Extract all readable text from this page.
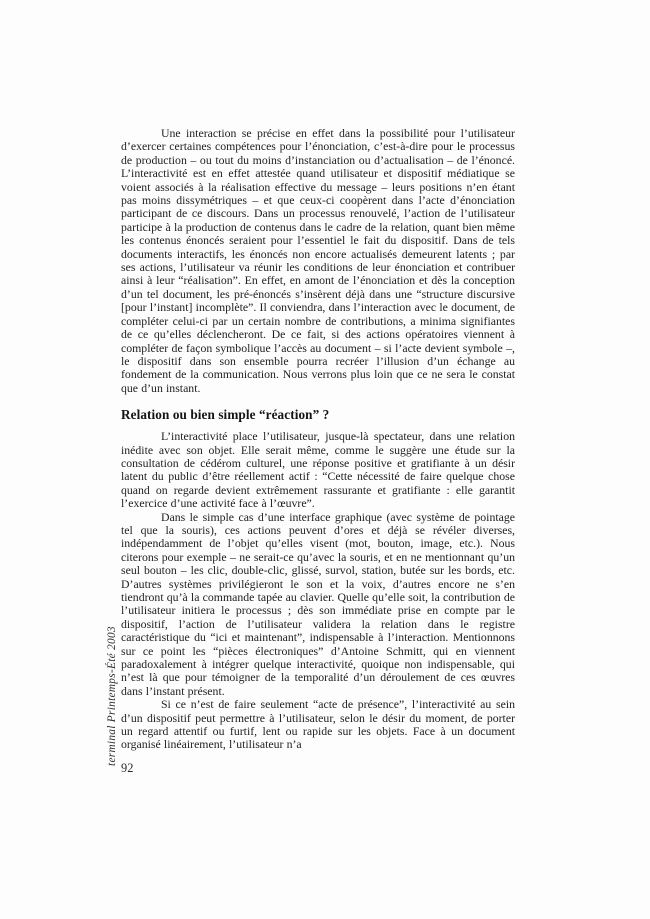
terminal Printemps-Été 2003

Une interaction se précise en effet dans la possibilité pour l’utilisateur d’exercer certaines compétences pour l’énonciation, c’est-à-dire pour le processus de production – ou tout du moins d’instanciation ou d’actualisation – de l’énoncé. L’interactivité est en effet attestée quand utilisateur et dispositif médiatique se voient associés à la réalisation effective du message – leurs positions n’en étant pas moins dissymétriques – et que ceux-ci coopèrent dans l’acte d’énonciation participant de ce discours. Dans un processus renouvelé, l’action de l’utilisateur participe à la production de contenus dans le cadre de la relation, quant bien même les contenus énoncés seraient pour l’essentiel le fait du dispositif. Dans de tels documents interactifs, les énoncés non encore actualisés demeurent latents ; par ses actions, l’utilisateur va réunir les conditions de leur énonciation et contribuer ainsi à leur “réalisation”. En effet, en amont de l’énonciation et dès la conception d’un tel document, les pré-énoncés s’insèrent déjà dans une “structure discursive [pour l’instant] incomplète”. Il conviendra, dans l’interaction avec le document, de compléter celui-ci par un certain nombre de contributions, a minima signifiantes de ce qu’elles déclencheront. De ce fait, si des actions opératoires viennent à compléter de façon symbolique l’accès au document – si l’acte devient symbole –, le dispositif dans son ensemble pourra recréer l’illusion d’un échange au fondement de la communication. Nous verrons plus loin que ce ne sera le constat que d’un instant.

Relation ou bien simple “réaction” ?

L’interactivité place l’utilisateur, jusque-là spectateur, dans une relation inédite avec son objet. Elle serait même, comme le suggère une étude sur la consultation de cédérom culturel, une réponse positive et gratifiante à un désir latent du public d’être réellement actif : “Cette nécessité de faire quelque chose quand on regarde devient extrêmement rassurante et gratifiante : elle garantit l’exercice d’une activité face à l’œuvre”.

Dans le simple cas d’une interface graphique (avec système de pointage tel que la souris), ces actions peuvent d’ores et déjà se révéler diverses, indépendamment de l’objet qu’elles visent (mot, bouton, image, etc.). Nous citerons pour exemple – ne serait-ce qu’avec la souris, et en ne mentionnant qu’un seul bouton – les clic, double-clic, glissé, survol, station, butée sur les bords, etc. D’autres systèmes privilégieront le son et la voix, d’autres encore ne s’en tiendront qu’à la commande tapée au clavier. Quelle qu’elle soit, la contribution de l’utilisateur initiera le processus ; dès son immédiate prise en compte par le dispositif, l’action de l’utilisateur validera la relation dans le registre caractéristique du “ici et maintenant”, indispensable à l’interaction. Mentionnons sur ce point les “pièces électroniques” d’Antoine Schmitt, qui en viennent paradoxalement à intégrer quelque interactivité, quoique non indispensable, qui n’est là que pour témoigner de la temporalité d’un déroulement de ces œuvres dans l’instant présent.

Si ce n’est de faire seulement “acte de présence”, l’interactivité au sein d’un dispositif peut permettre à l’utilisateur, selon le désir du moment, de porter un regard attentif ou furtif, lent ou rapide sur les objets. Face à un document organisé linéairement, l’utilisateur n’a

92
